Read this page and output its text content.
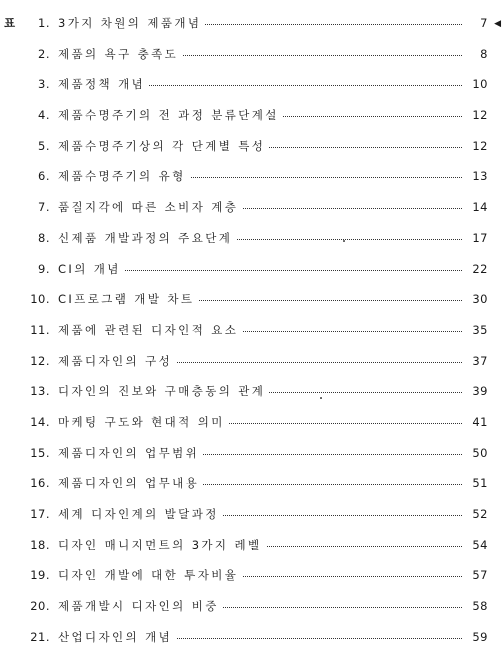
표 1. 3가지 차원의 제품개념	7
2. 제품의 욕구 충족도	8
3. 제품정책 개념	10
4. 제품수명주기의 전 과정 분류단계설	12
5. 제품수명주기상의 각 단계별 특성	12
6. 제품수명주기의 유형	13
7. 품질지각에 따른 소비자 계층	14
8. 신제품 개발과정의 주요단계	17
9. CI의 개념	22
10. CI프로그램 개발 차트	30
11. 제품에 관련된 디자인적 요소	35
12. 제품디자인의 구성	37
13. 디자인의 진보와 구매층동의 관계	39
14. 마케팅 구도와 현대적 의미	41
15. 제품디자인의 업무범위	50
16. 제품디자인의 업무내용	51
17. 세계 디자인계의 발달과정	52
18. 디자인 매니지먼트의 3가지 레벨	54
19. 디자인 개발에 대한 투자비율	57
20. 제품개발시 디자인의 비중	58
21. 산업디자인의 개념	59
◀
